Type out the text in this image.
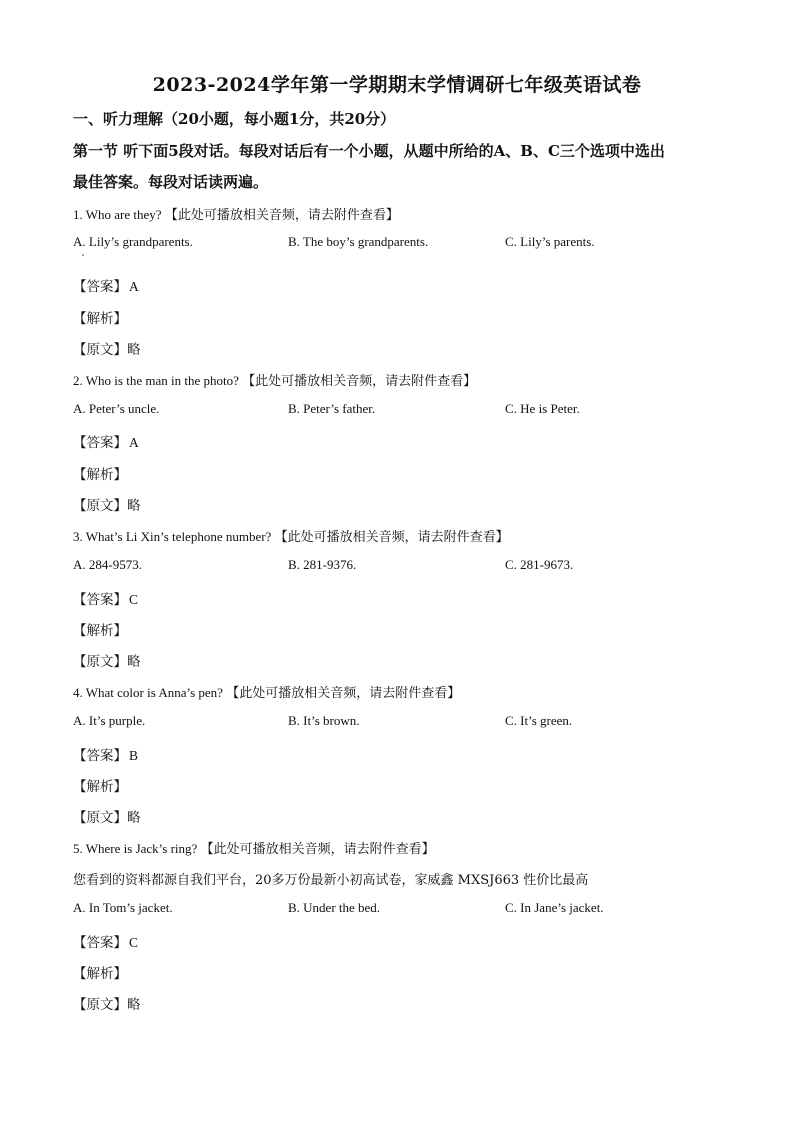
2023-2024学年第一学期期末学情调研七年级英语试卷
一、听力理解（20小题，每小题1分，共20分）
第一节 听下面5段对话。每段对话后有一个小题，从题中所给的A、B、C三个选项中选出
最佳答案。每段对话读两遍。
1. Who are they? 【此处可播放相关音频，请去附件查看】
A. Lily’s grandparents.	B. The boy’s grandparents.	C. Lily’s parents.
【答案】 A
【解析】
【原文】略
2. Who is the man in the photo? 【此处可播放相关音频，请去附件查看】
A. Peter’s uncle.	B. Peter’s father.	C. He is Peter.
【答案】 A
【解析】
【原文】略
3. What’s Li Xin’s telephone number? 【此处可播放相关音频，请去附件查看】
A. 284-9573.	B. 281-9376.	C. 281-9673.
【答案】 C
【解析】
【原文】略
4. What color is Anna’s pen? 【此处可播放相关音频，请去附件查看】
A. It’s purple.	B. It’s brown.	C. It’s green.
【答案】 B
【解析】
【原文】略
5. Where is Jack’s ring? 【此处可播放相关音频，请去附件查看】
您看到的资料都源自我们平台，20多万份最新小初高试卷，家威鑫 MXSJ663 性价比最高
A. In Tom’s jacket.	B. Under the bed.	C. In Jane’s jacket.
【答案】 C
【解析】
【原文】略
